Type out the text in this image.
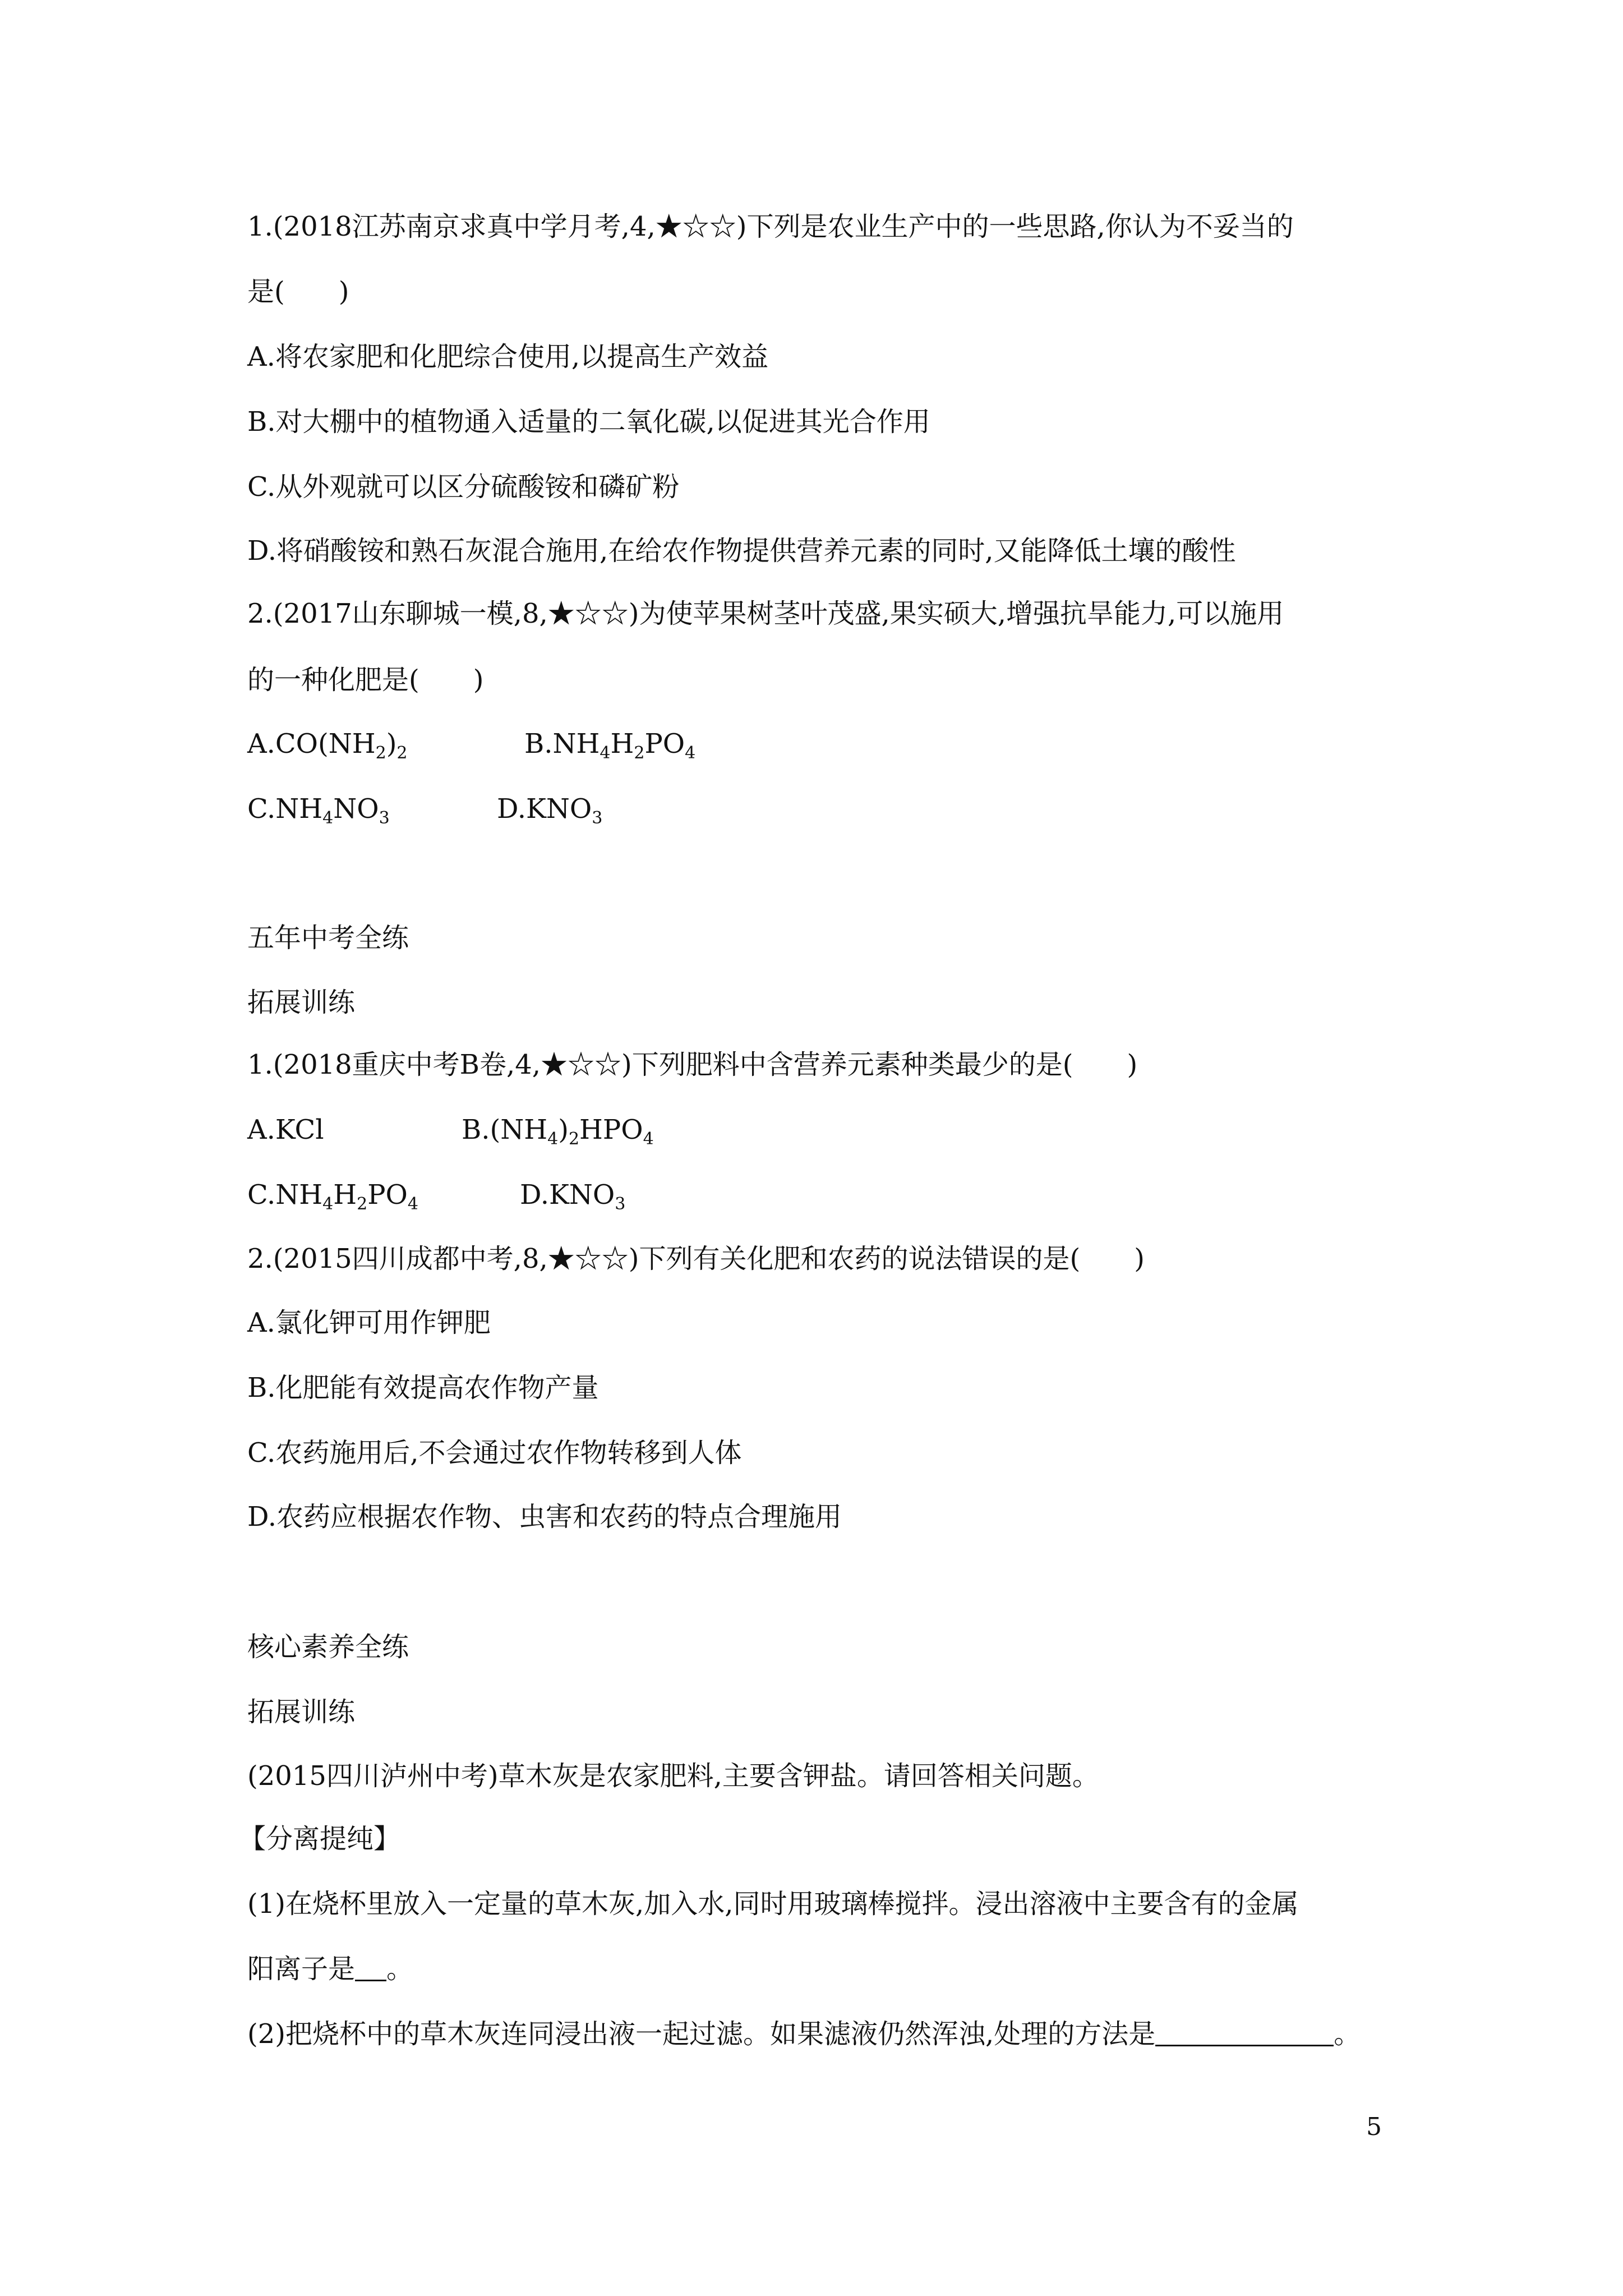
1.(2018江苏南京求真中学月考,4,★☆☆)下列是农业生产中的一些思路,你认为不妥当的
是(　　)
A.将农家肥和化肥综合使用,以提高生产效益
B.对大棚中的植物通入适量的二氧化碳,以促进其光合作用
C.从外观就可以区分硫酸铵和磷矿粉
D.将硝酸铵和熟石灰混合施用,在给农作物提供营养元素的同时,又能降低土壤的酸性
2.(2017山东聊城一模,8,★☆☆)为使苹果树茎叶茂盛,果实硕大,增强抗旱能力,可以施用
的一种化肥是(　　)
$A.CO(NH_2)_2$	$B.NH_4H_2PO_4$
$C.NH_4NO_3$	$D.KNO_3$
五年中考全练
拓展训练
1.(2018重庆中考B卷,4,★☆☆)下列肥料中含营养元素种类最少的是(　　)
A.KCl	$B.(NH_4)_2HPO_4$
$C.NH_4H_2PO_4$	$D.KNO_3$
2.(2015四川成都中考,8,★☆☆)下列有关化肥和农药的说法错误的是(　　)
A.氯化钾可用作钾肥
B.化肥能有效提高农作物产量
C.农药施用后,不会通过农作物转移到人体
D.农药应根据农作物、虫害和农药的特点合理施用
核心素养全练
拓展训练
(2015四川泸州中考)草木灰是农家肥料,主要含钾盐。请回答相关问题。
【分离提纯】
(1)在烧杯里放入一定量的草木灰,加入水,同时用玻璃棒搅拌。浸出溶液中主要含有的金属
阳离子是 。
(2)把烧杯中的草木灰连同浸出液一起过滤。如果滤液仍然浑浊,处理的方法是	。
5
